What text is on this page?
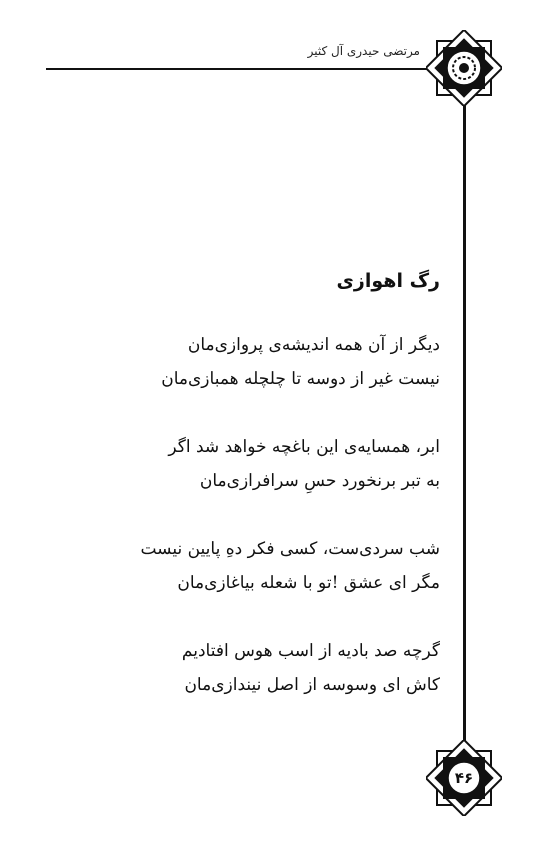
مرتضی حیدری آل کثیر
۴۶
رگ اهوازی
دیگر از آن همه اندیشه‌ی پروازی‌مان
نیست غیر از دوسه تا چلچله همبازی‌مان
ابر، همسایه‌ی این باغچه خواهد شد اگر
به تبر برنخورد حسِ سرافرازی‌مان
شب سردی‌ست، کسی فکر دهِ پایین نیست
مگر ای عشق !تو با شعله بیاغازی‌مان
گرچه صد بادیه از اسب هوس افتادیم
کاش ای وسوسه از اصل نیندازی‌مان
